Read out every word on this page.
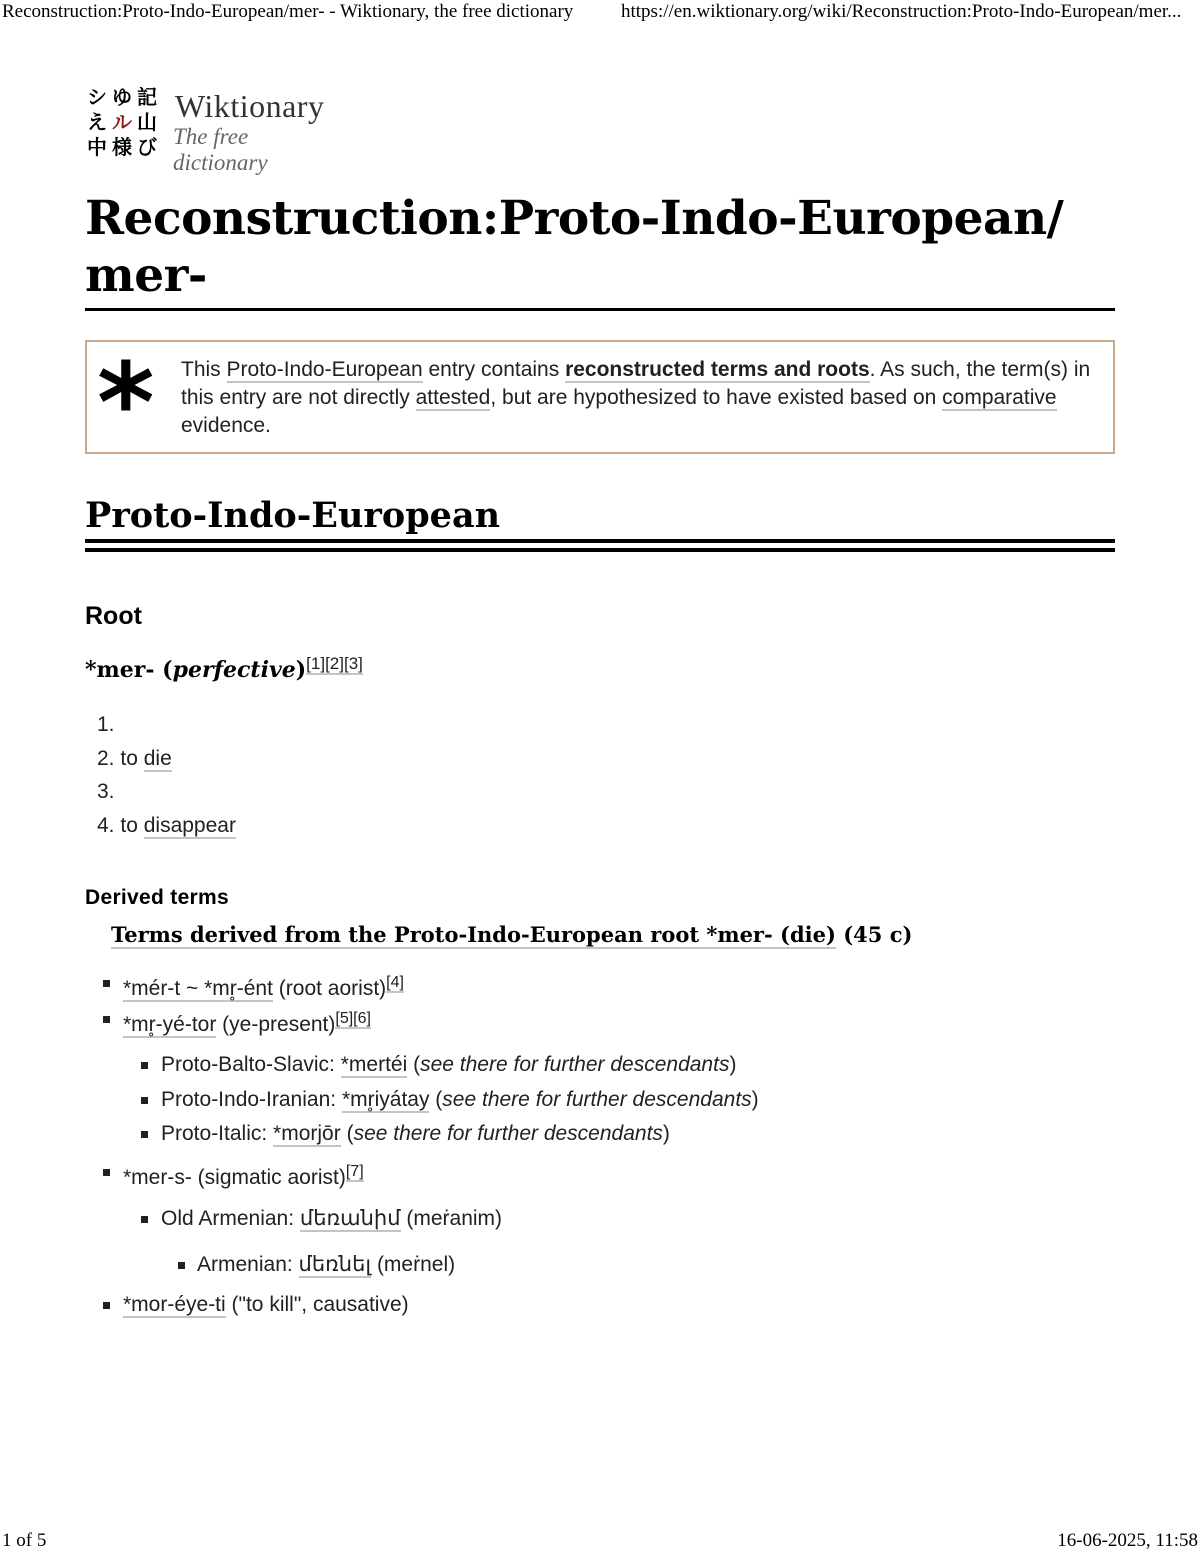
Reconstruction:Proto-Indo-European/mer- - Wiktionary, the free dictionary	https://en.wiktionary.org/wiki/Reconstruction:Proto-Indo-European/mer...
シ ゆ 記
え ル 山
中 様 び
Wiktionary
The free dictionary
Reconstruction:Proto-Indo-European/
mer-
* This Proto-Indo-European entry contains reconstructed terms and roots. As such, the term(s) in this entry are not directly attested, but are hypothesized to have existed based on comparative evidence.
Proto-Indo-European
Root
*mer- (perfective)[1][2][3]
1.
2. to die
3.
4. to disappear
Derived terms
Terms derived from the Proto-Indo-European root *mer- (die) (45 c)
*mér-t ~ *mr̥-ént (root aorist)[4]
*mr̥-yé-tor (ye-present)[5][6]
Proto-Balto-Slavic: *mertéi (see there for further descendants)
Proto-Indo-Iranian: *mr̥iyátay (see there for further descendants)
Proto-Italic: *morjōr (see there for further descendants)
*mer-s- (sigmatic aorist)[7]
Old Armenian: մեռանիմ (meṙanim)
Armenian: մեռնել (meṙnel)
*mor-éye-ti ("to kill", causative)
1 of 5	16-06-2025, 11:58
